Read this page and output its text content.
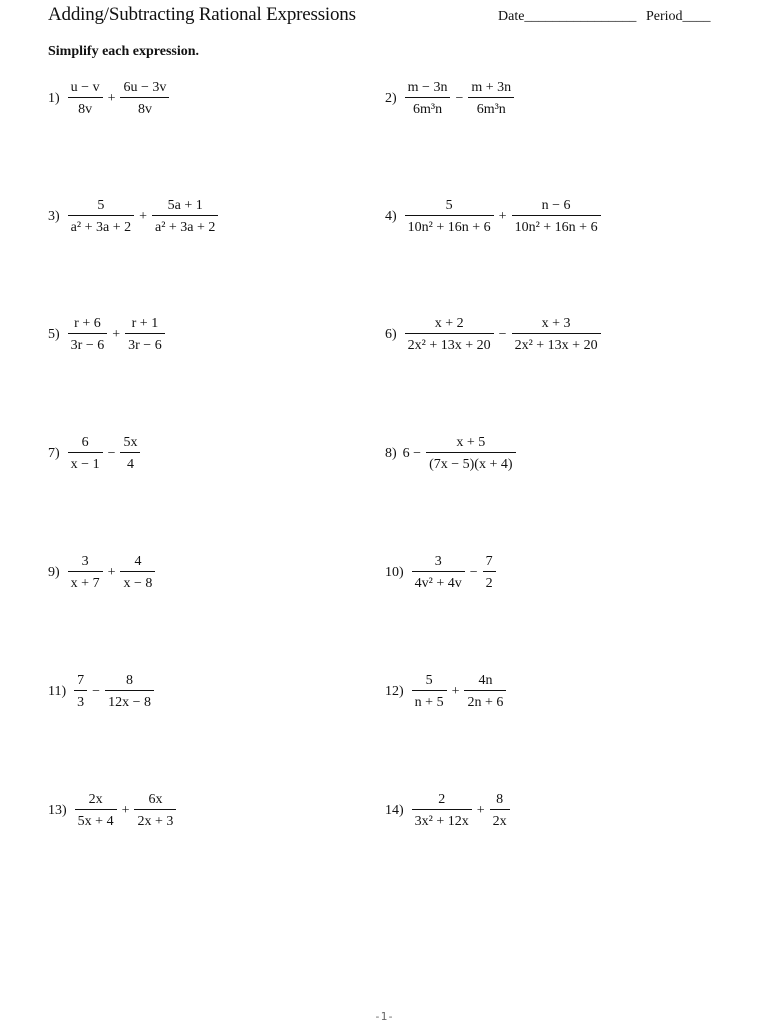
Adding/Subtracting Rational Expressions	Date________________ Period____
Simplify each expression.
$1) \frac{u - v}{8v} + \frac{6u - 3v}{8v}$	$2) \frac{m - 3n}{\text{6m³n}} - \frac{m + 3n}{\text{6m³n}}$
$3) \frac{5}{\text{a² + 3a + 2}} + \frac{5a + 1}{\text{a² + 3a + 2}}$	$4) \frac{5}{\text{10n² + 16n + 6}} + \frac{n - 6}{\text{10n² + 16n + 6}}$
$5) \frac{r + 6}{3r - 6} + \frac{r + 1}{3r - 6}$	$6) \frac{x + 2}{\text{2x² + 13x + 20}} - \frac{x + 3}{\text{2x² + 13x + 20}}$
$7) \frac{6}{x - 1} - \frac{5x}{4}$	8) $6 - \frac{x + 5}{(7x - 5)(x + 4)}$
$9) \frac{3}{x + 7} + \frac{4}{x - 8}$	$10) \frac{3}{\text{4v² + 4v}} - \frac{7}{2}$
$11) \frac{7}{3} - \frac{8}{12x - 8}$	$12) \frac{5}{n + 5} + \frac{4n}{2n + 6}$
$13) \frac{2x}{5x + 4} + \frac{6x}{2x + 3}$	$14) \frac{2}{\text{3x² + 12x}} + \frac{8}{2x}$
-1-
